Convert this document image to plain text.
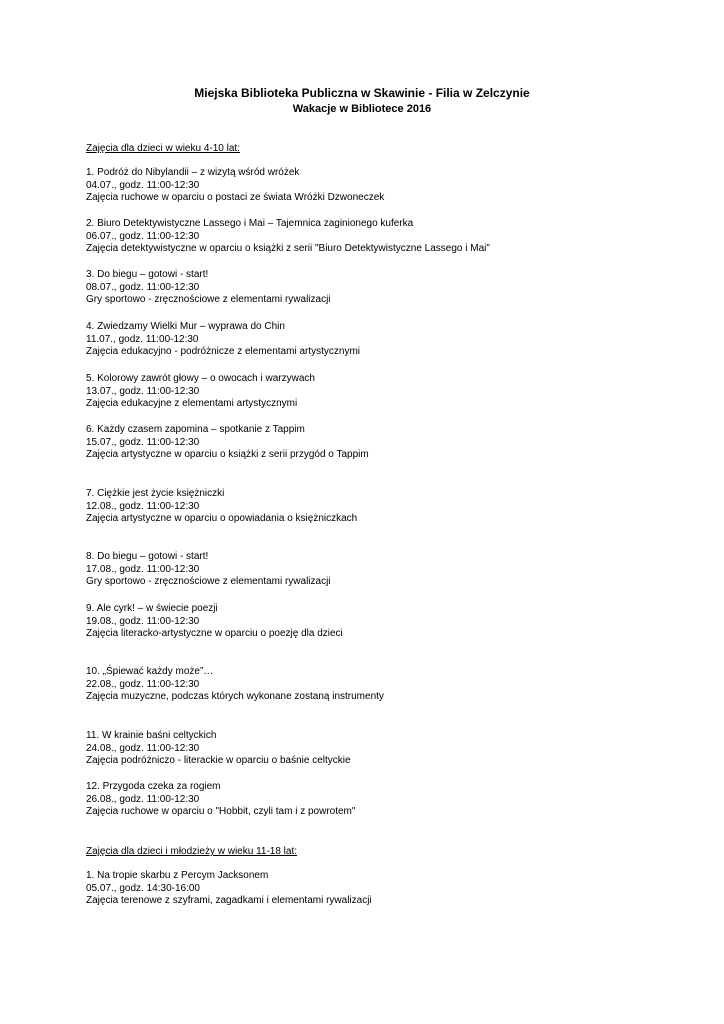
Miejska Biblioteka Publiczna w Skawinie - Filia w Zelczynie
Wakacje w Bibliotece 2016
Zajęcia dla dzieci w wieku 4-10 lat:
1. Podróż do Nibylandii – z wizytą wśród wróżek
04.07., godz. 11:00-12:30
Zajęcia ruchowe w oparciu o postaci ze świata Wróżki Dzwoneczek
2. Biuro Detektywistyczne Lassego i Mai – Tajemnica zaginionego kuferka
06.07., godz. 11:00-12:30
Zajęcia detektywistyczne w oparciu o książki z serii "Biuro Detektywistyczne Lassego i Mai"
3. Do biegu – gotowi - start!
08.07., godz. 11:00-12:30
Gry sportowo - zręcznościowe z elementami rywalizacji
4. Zwiedzamy Wielki Mur – wyprawa do Chin
11.07., godz. 11:00-12:30
Zajęcia edukacyjno - podróżnicze z elementami artystycznymi
5. Kolorowy zawrót głowy – o owocach i warzywach
13.07., godz. 11:00-12:30
Zajęcia edukacyjne z elementami artystycznymi
6. Każdy czasem zapomina – spotkanie z Tappim
15.07., godz. 11:00-12:30
Zajęcia artystyczne w oparciu o książki z serii przygód o Tappim
7. Ciężkie jest życie księżniczki
12.08., godz. 11:00-12:30
Zajęcia artystyczne w oparciu o opowiadania o księżniczkach
8. Do biegu – gotowi - start!
17.08., godz. 11:00-12:30
Gry sportowo - zręcznościowe z elementami rywalizacji
9. Ale cyrk! – w świecie poezji
19.08., godz. 11:00-12:30
Zajęcia literacko-artystyczne w oparciu o poezję dla dzieci
10. „Śpiewać każdy może”…
22.08., godz. 11:00-12:30
Zajęcia muzyczne, podczas których wykonane zostaną instrumenty
11. W krainie baśni celtyckich
24.08., godz. 11:00-12:30
Zajęcia podróżniczo - literackie w oparciu o baśnie celtyckie
12. Przygoda czeka za rogiem
26.08., godz. 11:00-12:30
Zajęcia ruchowe w oparciu o "Hobbit, czyli tam i z powrotem"
Zajęcia dla dzieci i młodzieży w wieku 11-18 lat:
1. Na tropie skarbu z Percym Jacksonem
05.07., godz. 14:30-16:00
Zajęcia terenowe z szyframi, zagadkami i elementami rywalizacji
